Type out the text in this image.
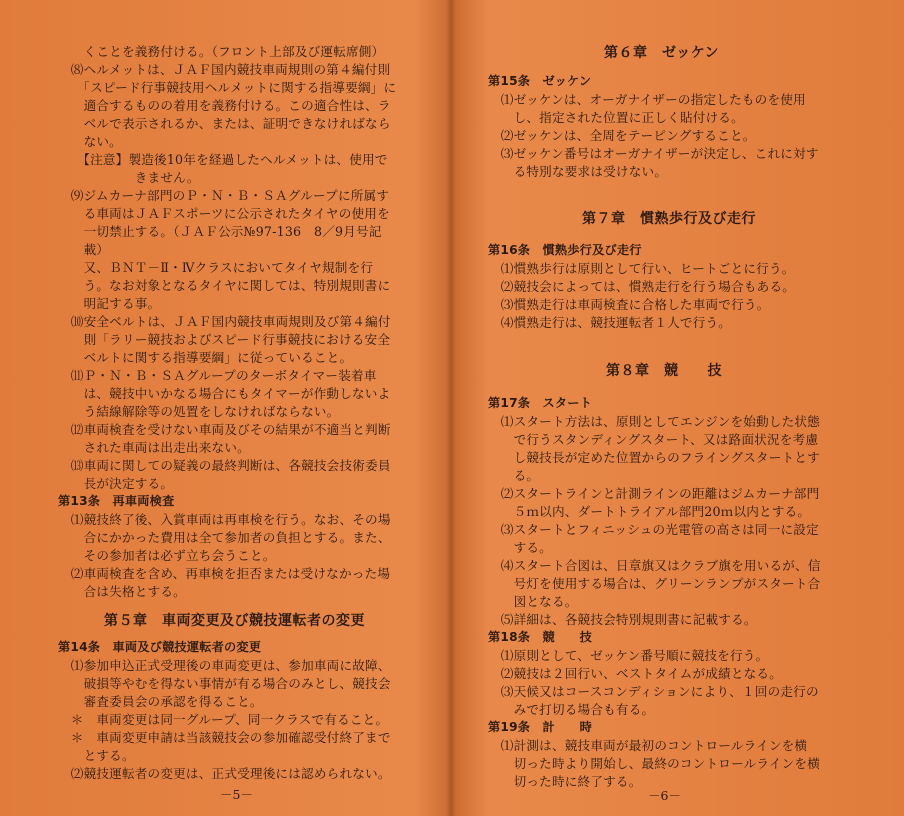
　　くことを義務付ける。（フロント上部及び運転席側）
　⑻ヘルメットは、ＪＡＦ国内競技車両規則の第４編付則
　　「スピード行事競技用ヘルメットに関する指導要綱」に
　　適合するものの着用を義務付ける。この適合性は、ラ
　　ベルで表示されるか、または、証明できなければなら
　　ない。
　　【注意】製造後10年を経過したヘルメットは、使用で
　　　　　　きません。
　⑼ジムカーナ部門のＰ・Ｎ・Ｂ・ＳＡグループに所属す
　　る車両はＪＡＦスポーツに公示されたタイヤの使用を
　　一切禁止する。（ＪＡＦ公示№97-136　8／9月号記
　　載）
　　又、ＢＮＴ－Ⅱ・Ⅳクラスにおいてタイヤ規制を行
　　う。なお対象となるタイヤに関しては、特別規則書に
　　明記する事。
　⑽安全ベルトは、ＪＡＦ国内競技車両規則及び第４編付
　　則「ラリー競技およびスピード行事競技における安全
　　ベルトに関する指導要綱」に従っていること。
　⑾Ｐ・Ｎ・Ｂ・ＳＡグループのターボタイマー装着車
　　は、競技中いかなる場合にもタイマーが作動しないよ
　　う結線解除等の処置をしなければならない。
　⑿車両検査を受けない車両及びその結果が不適当と判断
　　された車両は出走出来ない。
　⒀車両に関しての疑義の最終判断は、各競技会技術委員
　　長が決定する。
第13条　再車両検査
　⑴競技終了後、入賞車両は再車検を行う。なお、その場
　　合にかかった費用は全て参加者の負担とする。また、
　　その参加者は必ず立ち会うこと。
　⑵車両検査を含め、再車検を拒否または受けなかった場
　　合は失格とする。
第５章　車両変更及び競技運転者の変更
第14条　車両及び競技運転者の変更
　⑴参加申込正式受理後の車両変更は、参加車両に故障、
　　破損等やむを得ない事情が有る場合のみとし、競技会
　　審査委員会の承認を得ること。
　＊　車両変更は同一グループ、同一クラスで有ること。
　＊　車両変更申請は当該競技会の参加確認受付終了まで
　　とする。
　⑵競技運転者の変更は、正式受理後には認められない。
－5－
第６章　ゼッケン
第15条　ゼッケン
　⑴ゼッケンは、オーガナイザーの指定したものを使用
　　し、指定された位置に正しく貼付ける。
　⑵ゼッケンは、全周をテーピングすること。
　⑶ゼッケン番号はオーガナイザーが決定し、これに対す
　　る特別な要求は受けない。
第７章　慣熟歩行及び走行
第16条　慣熟歩行及び走行
　⑴慣熟歩行は原則として行い、ヒートごとに行う。
　⑵競技会によっては、慣熟走行を行う場合もある。
　⑶慣熟走行は車両検査に合格した車両で行う。
　⑷慣熟走行は、競技運転者１人で行う。
第８章　競　　技
第17条　スタート
　⑴スタート方法は、原則としてエンジンを始動した状態
　　で行うスタンディングスタート、又は路面状況を考慮
　　し競技長が定めた位置からのフライングスタートとす
　　る。
　⑵スタートラインと計測ラインの距離はジムカーナ部門
　　５ｍ以内、ダートトライアル部門20ｍ以内とする。
　⑶スタートとフィニッシュの光電管の高さは同一に設定
　　する。
　⑷スタート合図は、日章旗又はクラブ旗を用いるが、信
　　号灯を使用する場合は、グリーンランプがスタート合
　　図となる。
　⑸詳細は、各競技会特別規則書に記載する。
第18条　競　　技
　⑴原則として、ゼッケン番号順に競技を行う。
　⑵競技は２回行い、ベストタイムが成績となる。
　⑶天候又はコースコンディションにより、１回の走行の
　　みで打切る場合も有る。
第19条　計　　時
　⑴計測は、競技車両が最初のコントロールラインを横
　　切った時より開始し、最終のコントロールラインを横
　　切った時に終了する。
－6－
